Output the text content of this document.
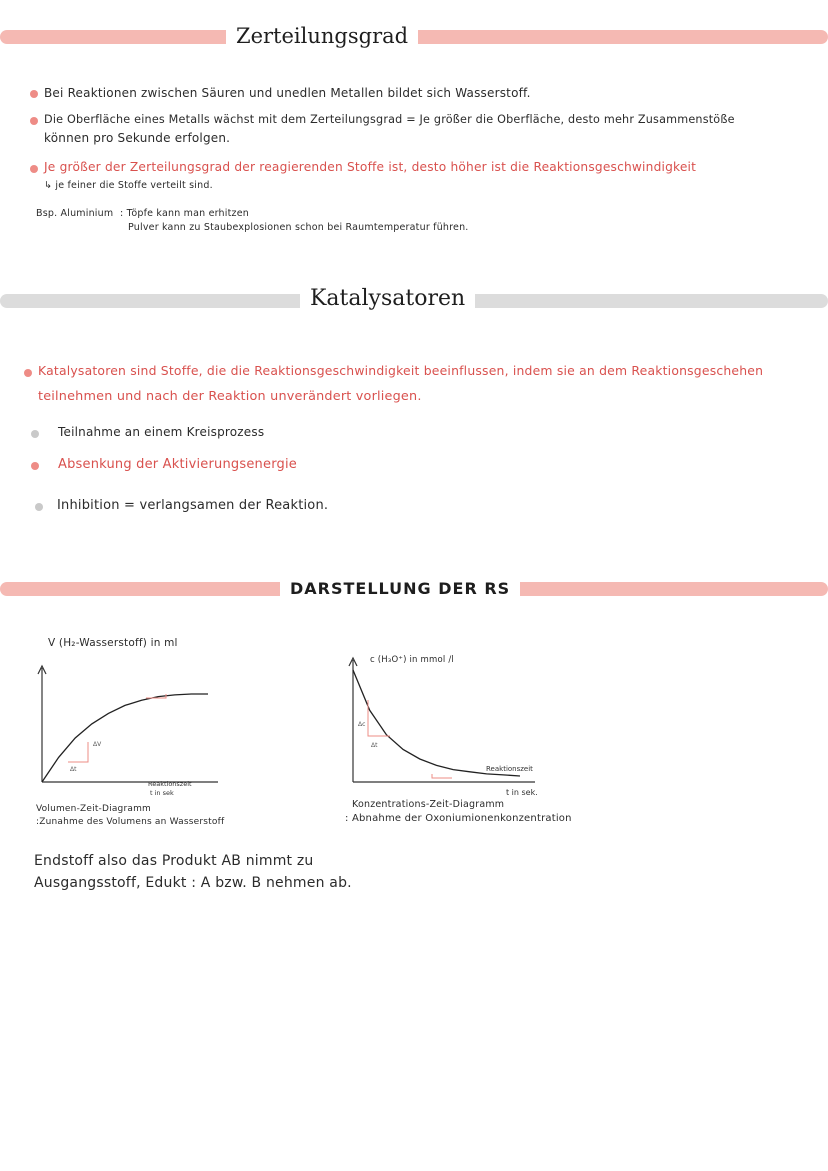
Zerteilungsgrad
Bei Reaktionen zwischen Säuren und unedlen Metallen bildet sich Wasserstoff.
Die Oberfläche eines Metalls wächst mit dem Zerteilungsgrad = Je größer die Oberfläche, desto mehr Zusammenstöße
können pro Sekunde erfolgen.
Je größer der Zerteilungsgrad der reagierenden Stoffe ist, desto höher ist die Reaktionsgeschwindigkeit
↳ je feiner die Stoffe verteilt sind.
Bsp. Aluminium : Töpfe kann man erhitzen
Pulver kann zu Staubexplosionen schon bei Raumtemperatur führen.
Katalysatoren
Katalysatoren sind Stoffe, die die Reaktionsgeschwindigkeit beeinflussen, indem sie an dem Reaktionsgeschehen
teilnehmen und nach der Reaktion unverändert vorliegen.
Teilnahme an einem Kreisprozess
Absenkung der Aktivierungsenergie
Inhibition = verlangsamen der Reaktion.
DARSTELLUNG DER RS
V (H₂-Wasserstoff) in ml
Δt
ΔV
Reaktionszeit
t in sek
Volumen-Zeit-Diagramm
:Zunahme des Volumens an Wasserstoff
c (H₃O⁺) in mmol /l
Δc
Δt
Reaktionszeit
t in sek.
Konzentrations-Zeit-Diagramm
: Abnahme der Oxoniumionenkonzentration
Endstoff also das Produkt AB nimmt zu
Ausgangsstoff, Edukt : A bzw. B nehmen ab.
